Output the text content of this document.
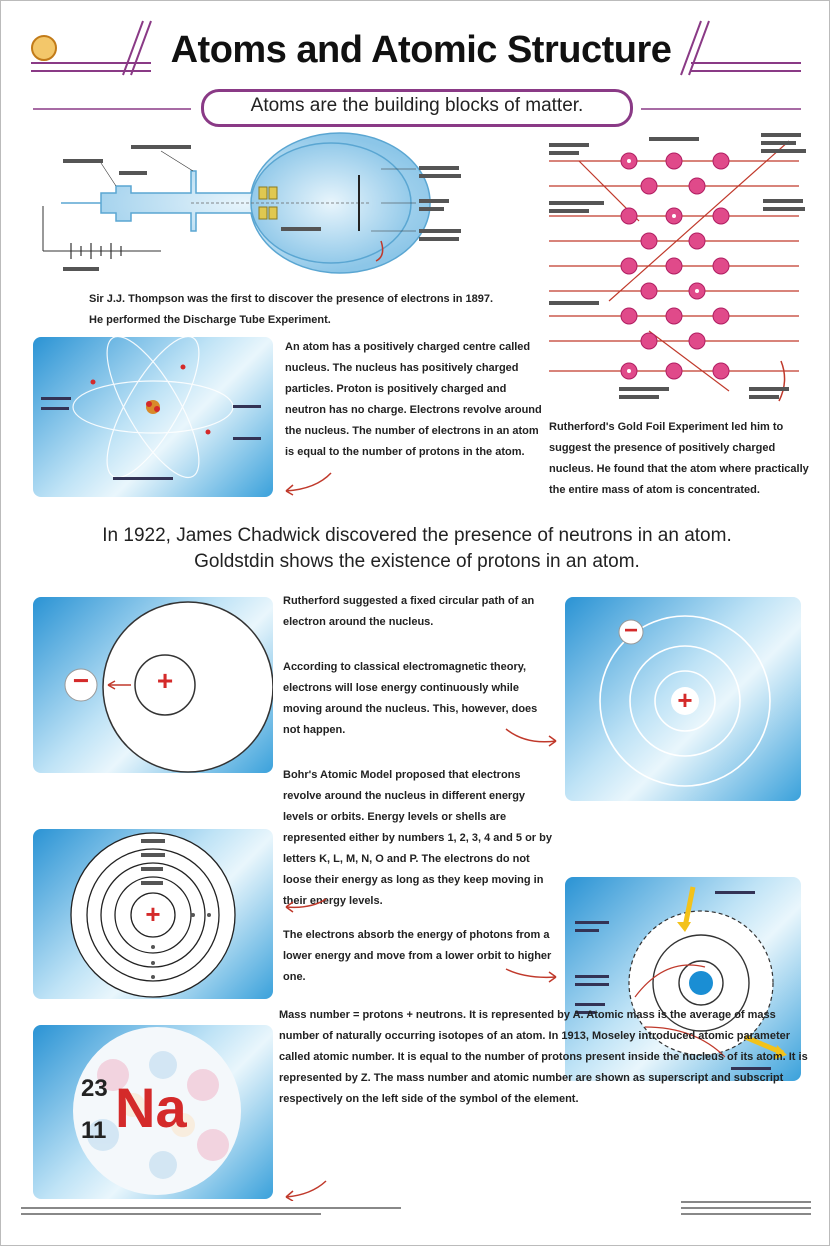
Atoms and Atomic Structure
Atoms are the building blocks of matter.
Sir J.J. Thompson was the first to discover the presence of electrons in 1897. He performed the Discharge Tube Experiment.
An atom has a positively charged centre called nucleus. The nucleus has positively charged particles. Proton is positively charged and neutron has no charge. Electrons revolve around the nucleus. The number of electrons in an atom is equal to the number of protons in the atom.
Rutherford's Gold Foil Experiment led him to suggest the presence of positively charged nucleus. He found that the atom where practically the entire mass of atom is concentrated.
In 1922, James Chadwick discovered the presence of neutrons in an atom.
Goldstdin shows the existence of protons in an atom.
+
−
Rutherford suggested a fixed circular path of an electron around the nucleus.
According to classical electromagnetic theory, electrons will lose energy continuously while moving around the nucleus. This, however, does not happen.
+
−
Bohr's Atomic Model proposed that electrons revolve around the nucleus in different energy levels or orbits. Energy levels or shells are represented either by numbers 1, 2, 3, 4 and 5 or by letters K, L, M, N, O and P. The electrons do not loose their energy as long as they keep moving in their energy levels.
+
The electrons absorb the energy of photons from a lower energy and move from a lower orbit to higher one.
23
11 Na
Mass number = protons + neutrons. It is represented by A. Atomic mass is the average of mass number of naturally occurring isotopes of an atom. In 1913, Moseley introduced atomic parameter called atomic number. It is equal to the number of protons present inside the nucleus of its atom. It is represented by Z. The mass number and atomic number are shown as superscript and subscript respectively on the left side of the symbol of the element.
